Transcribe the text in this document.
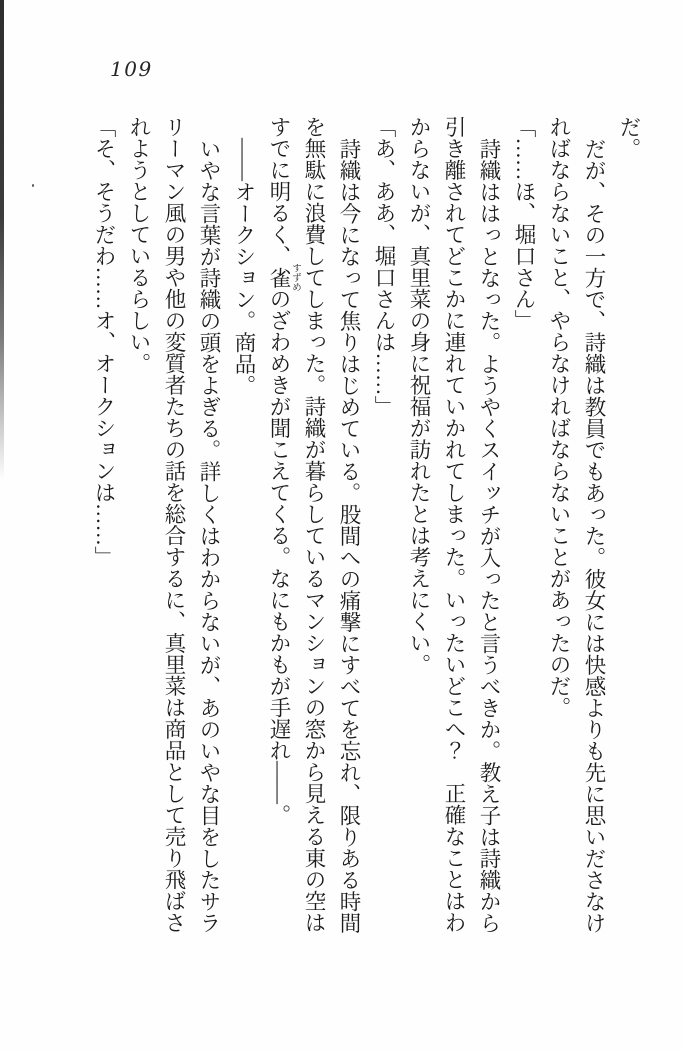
109

だ。

だが、その一方で、詩織は教員でもあった。彼女には快感よりも先に思いださなければならないこと、やらなければならないことがあったのだ。

「……ほ、堀口さん」

詩織ははっとなった。ようやくスイッチが入ったと言うべきか。教え子は詩織から引き離されてどこかに連れていかれてしまった。いったいどこへ？　正確なことはわからないが、真里菜の身に祝福が訪れたとは考えにくい。

「あ、ああ、堀口さんは……」

詩織は今になって焦りはじめている。股間への痛撃にすべてを忘れ、限りある時間を無駄に浪費してしまった。詩織が暮らしているマンションの窓から見える東の空はすでに明るく、雀 すずめのざわめきが聞こえてくる。なにもかもが手遅れ――。

――オークション。商品。

いやな言葉が詩織の頭をよぎる。詳しくはわからないが、あのいやな目をしたサラリーマン風の男や他の変質者たちの話を総合するに、真里菜は商品として売り飛ばされようとしているらしい。

「そ、そうだわ……オ、オークションは……」
